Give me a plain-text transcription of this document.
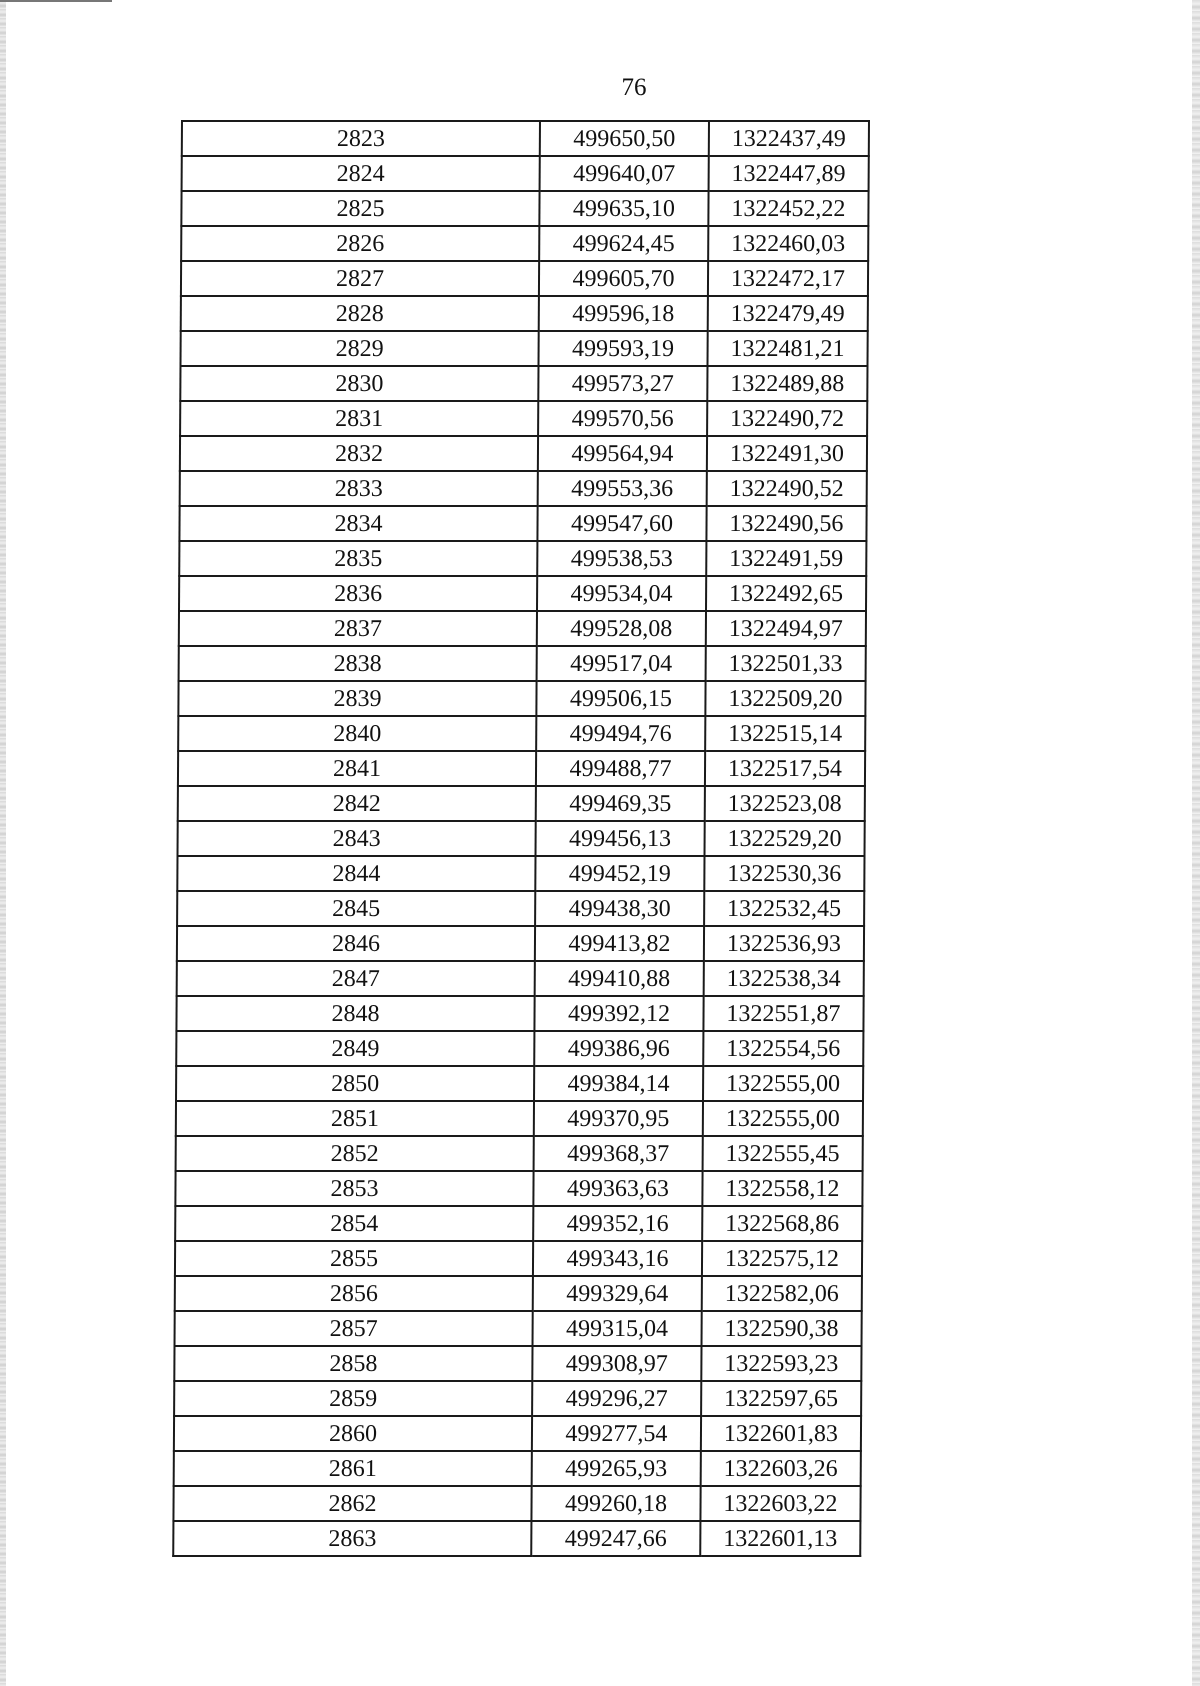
76
2823	499650,50	1322437,49
2824	499640,07	1322447,89
2825	499635,10	1322452,22
2826	499624,45	1322460,03
2827	499605,70	1322472,17
2828	499596,18	1322479,49
2829	499593,19	1322481,21
2830	499573,27	1322489,88
2831	499570,56	1322490,72
2832	499564,94	1322491,30
2833	499553,36	1322490,52
2834	499547,60	1322490,56
2835	499538,53	1322491,59
2836	499534,04	1322492,65
2837	499528,08	1322494,97
2838	499517,04	1322501,33
2839	499506,15	1322509,20
2840	499494,76	1322515,14
2841	499488,77	1322517,54
2842	499469,35	1322523,08
2843	499456,13	1322529,20
2844	499452,19	1322530,36
2845	499438,30	1322532,45
2846	499413,82	1322536,93
2847	499410,88	1322538,34
2848	499392,12	1322551,87
2849	499386,96	1322554,56
2850	499384,14	1322555,00
2851	499370,95	1322555,00
2852	499368,37	1322555,45
2853	499363,63	1322558,12
2854	499352,16	1322568,86
2855	499343,16	1322575,12
2856	499329,64	1322582,06
2857	499315,04	1322590,38
2858	499308,97	1322593,23
2859	499296,27	1322597,65
2860	499277,54	1322601,83
2861	499265,93	1322603,26
2862	499260,18	1322603,22
2863	499247,66	1322601,13
